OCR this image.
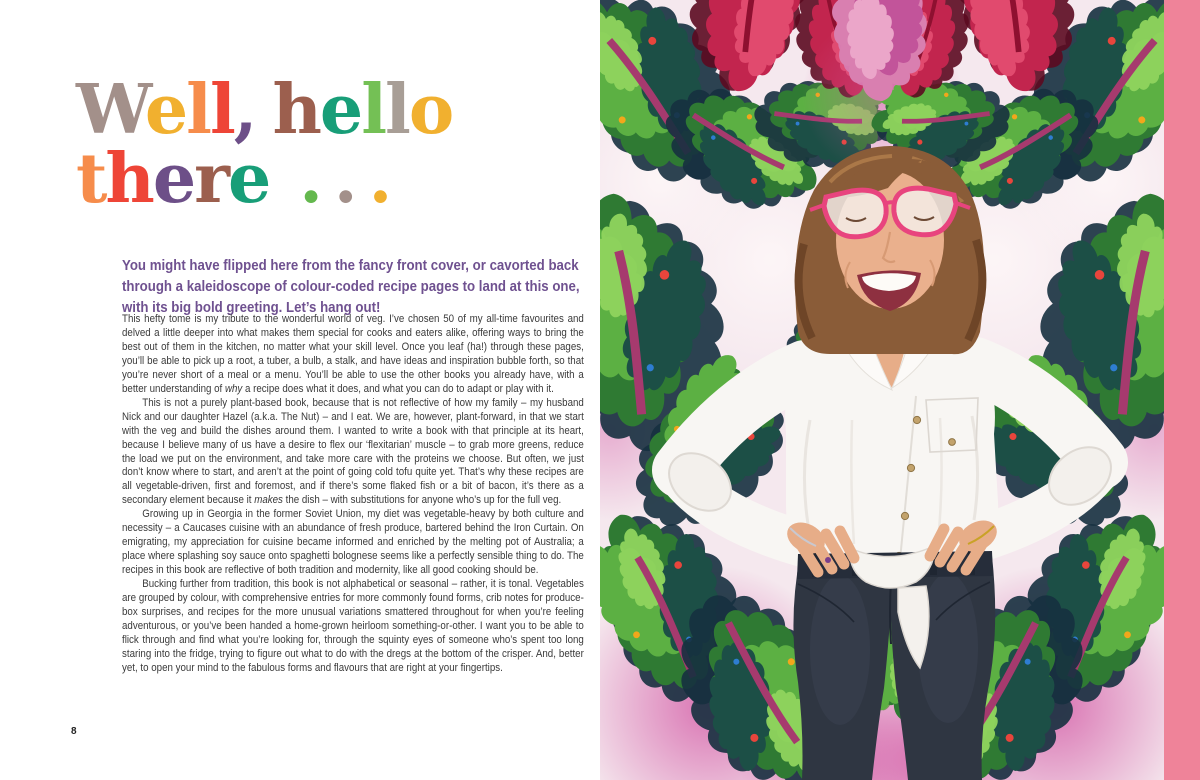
Well, hello
there . . .

You might have flipped here from the fancy front cover, or cavorted back through a kaleidoscope of colour-coded recipe pages to land at this one, with its big bold greeting. Let’s hang out!

This hefty tome is my tribute to the wonderful world of veg. I’ve chosen 50 of my all-time favourites and delved a little deeper into what makes them special for cooks and eaters alike, offering ways to bring the best out of them in the kitchen, no matter what your skill level. Once you leaf (ha!) through these pages, you’ll be able to pick up a root, a tuber, a bulb, a stalk, and have ideas and inspiration bubble forth, so that you’re never short of a meal or a menu. You’ll be able to use the other books you already have, with a better understanding of why a recipe does what it does, and what you can do to adapt or play with it.

This is not a purely plant-based book, because that is not reflective of how my family – my husband Nick and our daughter Hazel (a.k.a. The Nut) – and I eat. We are, however, plant-forward, in that we start with the veg and build the dishes around them. I wanted to write a book with that principle at its heart, because I believe many of us have a desire to flex our ‘flexitarian’ muscle – to grab more greens, reduce the load we put on the environment, and take more care with the proteins we choose. But often, we just don’t know where to start, and aren’t at the point of going cold tofu quite yet. That’s why these recipes are all vegetable-driven, first and foremost, and if there’s some flaked fish or a bit of bacon, it’s there as a secondary element because it makes the dish – with substitutions for anyone who’s up for the full veg.

Growing up in Georgia in the former Soviet Union, my diet was vegetable-heavy by both culture and necessity – a Caucases cuisine with an abundance of fresh produce, bartered behind the Iron Curtain. On emigrating, my appreciation for cuisine became informed and enriched by the melting pot of Australia; a place where splashing soy sauce onto spaghetti bolognese seems like a perfectly sensible thing to do. The recipes in this book are reflective of both tradition and modernity, like all good cooking should be.

Bucking further from tradition, this book is not alphabetical or seasonal – rather, it is tonal. Vegetables are grouped by colour, with comprehensive entries for more commonly found forms, crib notes for produce-box surprises, and recipes for the more unusual variations smattered throughout for when you’re feeling adventurous, or you’ve been handed a home-grown heirloom something-or-other. I want you to be able to flick through and find what you’re looking for, through the squinty eyes of someone who’s spent too long staring into the fridge, trying to figure out what to do with the dregs at the bottom of the crisper. And, better yet, to open your mind to the fabulous forms and flavours that are right at your fingertips.

8
